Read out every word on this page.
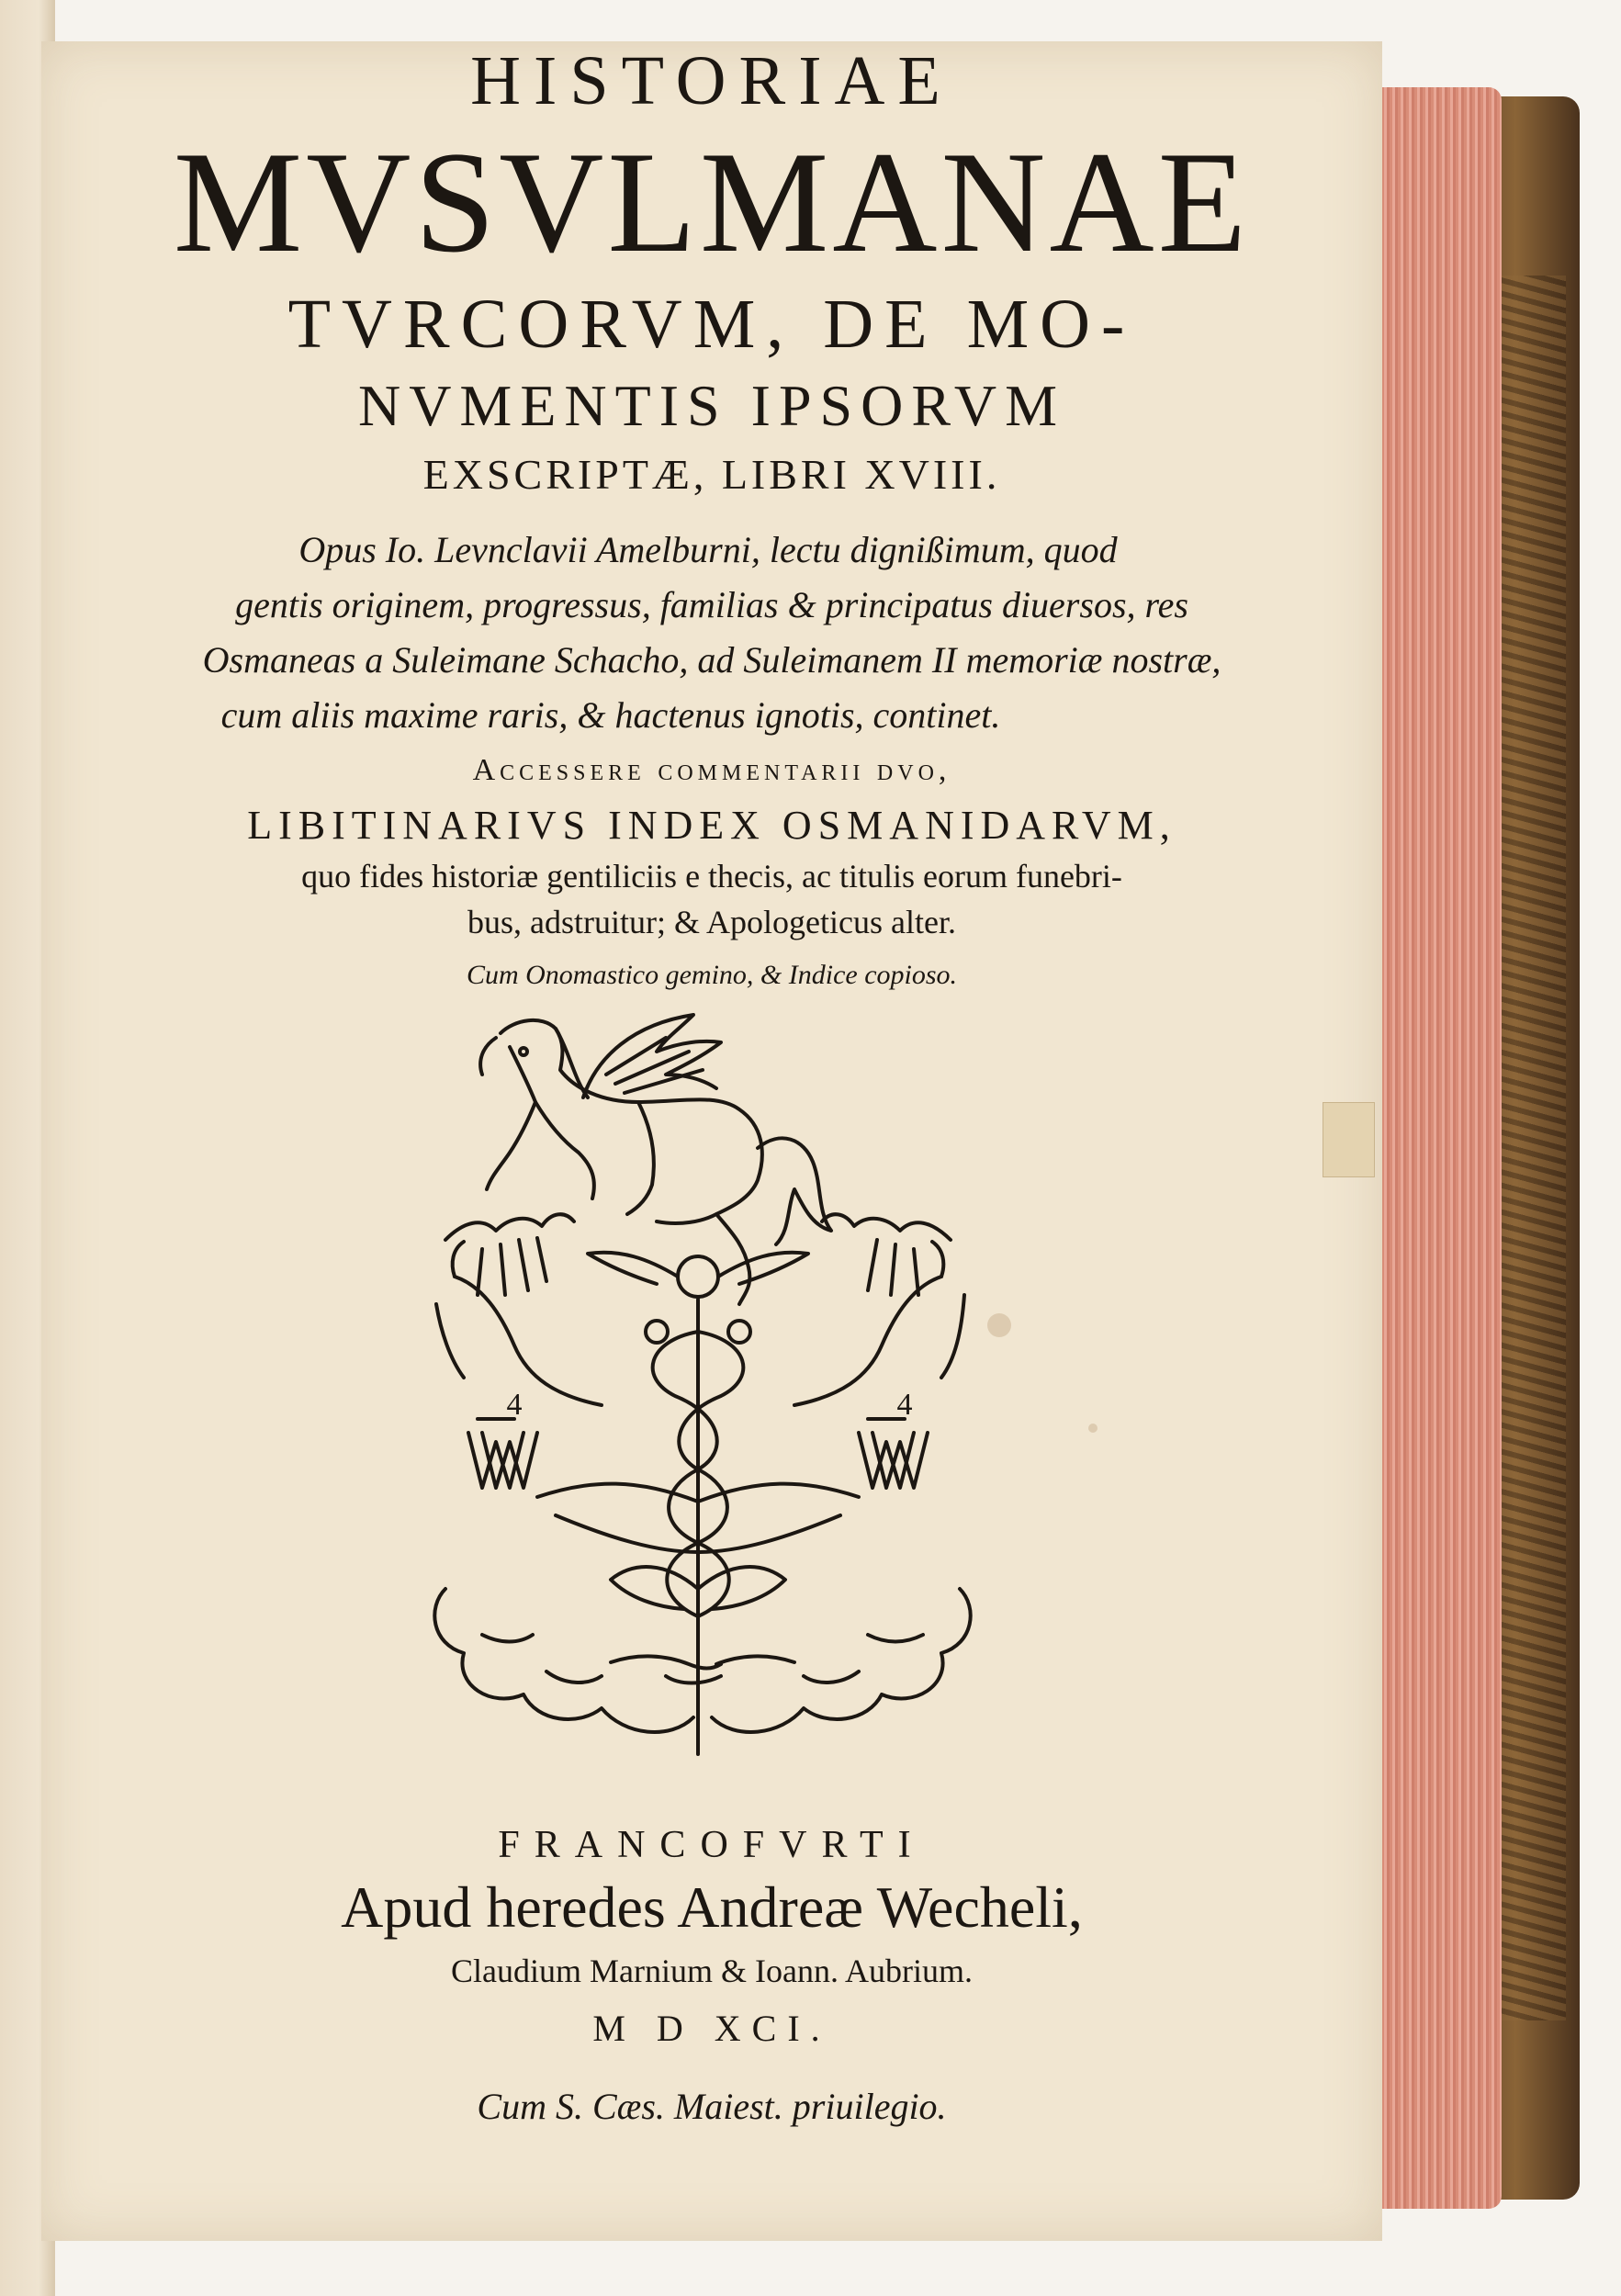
HISTORIAE
MVSVLMANAE
TVRCORVM, DE MO-
NVMENTIS IPSORVM
EXSCRIPTÆ, LIBRI XVIII.
Opus Io. Levnclavii Amelburni, lectu dignißimum, quod
gentis originem, progressus, familias & principatus diuersos, res
Osmaneas a Suleimane Schacho, ad Suleimanem II memoriæ nostræ,
cum aliis maxime raris, & hactenus ignotis, continet.
Accessere commentarii dvo,
LIBITINARIVS INDEX OSMANIDARVM,
quo fides historiæ gentiliciis e thecis, ac titulis eorum funebri-
bus, adstruitur; & Apologeticus alter.
Cum Onomastico gemino, & Indice copioso.

4	4
FRANCOFVRTI
Apud heredes Andreæ Wecheli,
Claudium Marnium & Ioann. Aubrium.
M D XCI.
Cum S. Cæs. Maiest. priuilegio.
